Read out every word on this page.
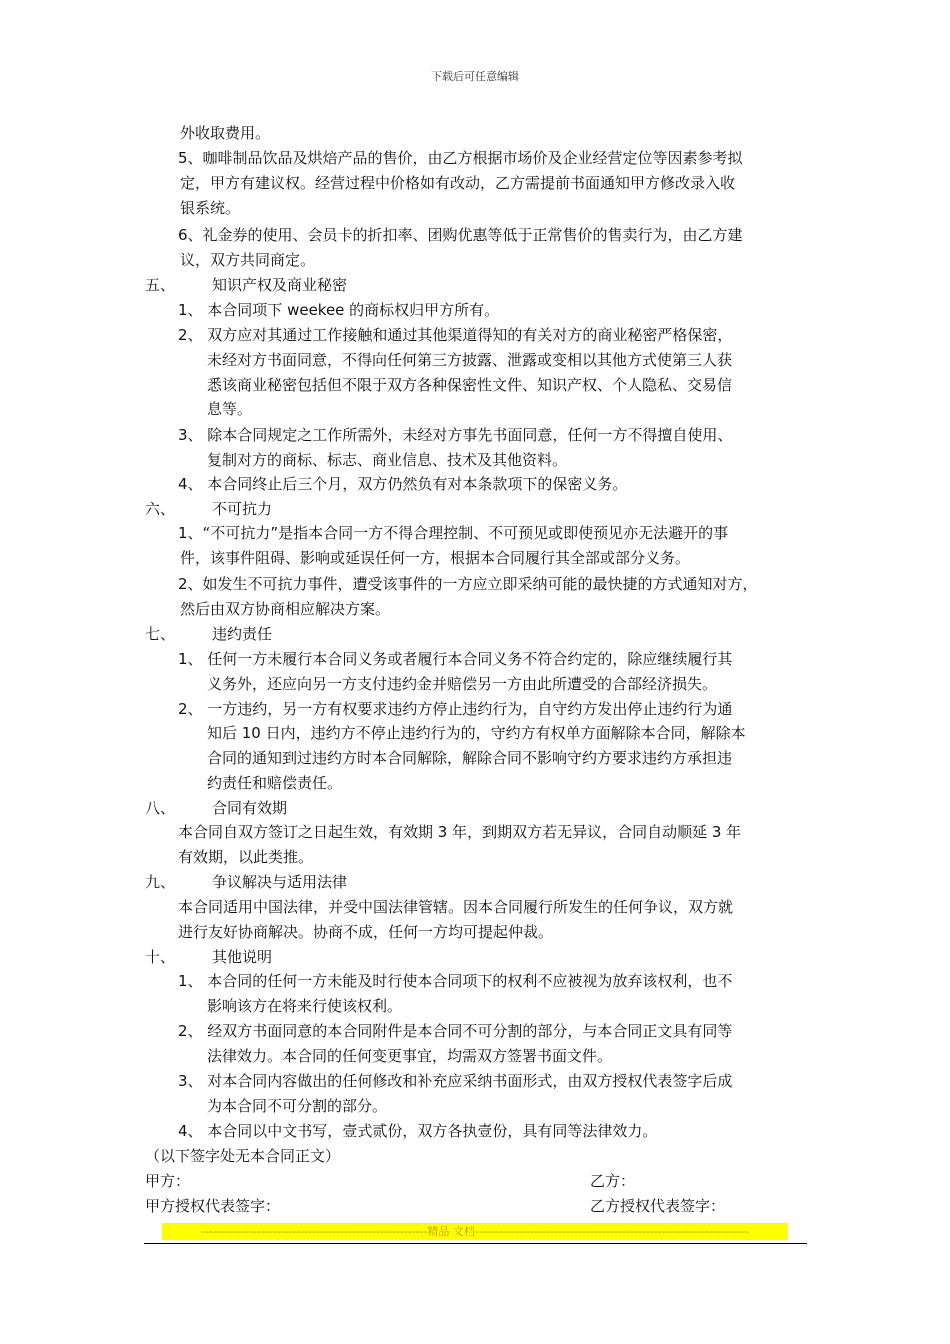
下载后可任意编辑
外收取费用。
5、咖啡制品饮品及烘焙产品的售价，由乙方根据市场价及企业经营定位等因素参考拟
定，甲方有建议权。经营过程中价格如有改动，乙方需提前书面通知甲方修改录入收
银系统。
6、礼金券的使用、会员卡的折扣率、团购优惠等低于正常售价的售卖行为，由乙方建
议，双方共同商定。
1、 本合同项下 weekee 的商标权归甲方所有。
2、 双方应对其通过工作接触和通过其他渠道得知的有关对方的商业秘密严格保密，
未经对方书面同意，不得向任何第三方披露、泄露或变相以其他方式使第三人获
悉该商业秘密包括但不限于双方各种保密性文件、知识产权、个人隐私、交易信
息等。
3、 除本合同规定之工作所需外，未经对方事先书面同意，任何一方不得擅自使用、
复制对方的商标、标志、商业信息、技术及其他资料。
4、 本合同终止后三个月，双方仍然负有对本条款项下的保密义务。
1、“不可抗力”是指本合同一方不得合理控制、不可预见或即使预见亦无法避开的事
件，该事件阻碍、影响或延误任何一方，根据本合同履行其全部或部分义务。
2、如发生不可抗力事件，遭受该事件的一方应立即采纳可能的最快捷的方式通知对方，
然后由双方协商相应解决方案。
1、 任何一方未履行本合同义务或者履行本合同义务不符合约定的，除应继续履行其
义务外，还应向另一方支付违约金并赔偿另一方由此所遭受的合部经济损失。
2、 一方违约，另一方有权要求违约方停止违约行为，自守约方发出停止违约行为通
知后 10 日内，违约方不停止违约行为的，守约方有权单方面解除本合同，解除本
合同的通知到过违约方时本合同解除，解除合同不影响守约方要求违约方承担违
约责任和赔偿责任。
本合同自双方签订之日起生效，有效期 3 年，到期双方若无异议，合同自动顺延 3 年
有效期，以此类推。
本合同适用中国法律，并受中国法律管辖。因本合同履行所发生的任何争议，双方就
进行友好协商解决。协商不成，任何一方均可提起仲裁。
1、 本合同的任何一方未能及时行使本合同项下的权利不应被视为放弃该权利，也不
影响该方在将来行使该权利。
2、 经双方书面同意的本合同附件是本合同不可分割的部分，与本合同正文具有同等
法律效力。本合同的任何变更事宜，均需双方签署书面文件。
3、 对本合同内容做出的任何修改和补充应采纳书面形式，由双方授权代表签字后成
为本合同不可分割的部分。
4、 本合同以中文书写，壹式贰份，双方各执壹份，具有同等法律效力。
（以下签字处无本合同正文）
甲方：	乙方：
甲方授权代表签字：	乙方授权代表签字：
五、 知识产权及商业秘密
六、 不可抗力
七、 违约责任
八、 合同有效期
九、 争议解决与适用法律
十、 其他说明
---------------------------------------------------------精品 文档---------------------------------------------------------------------
